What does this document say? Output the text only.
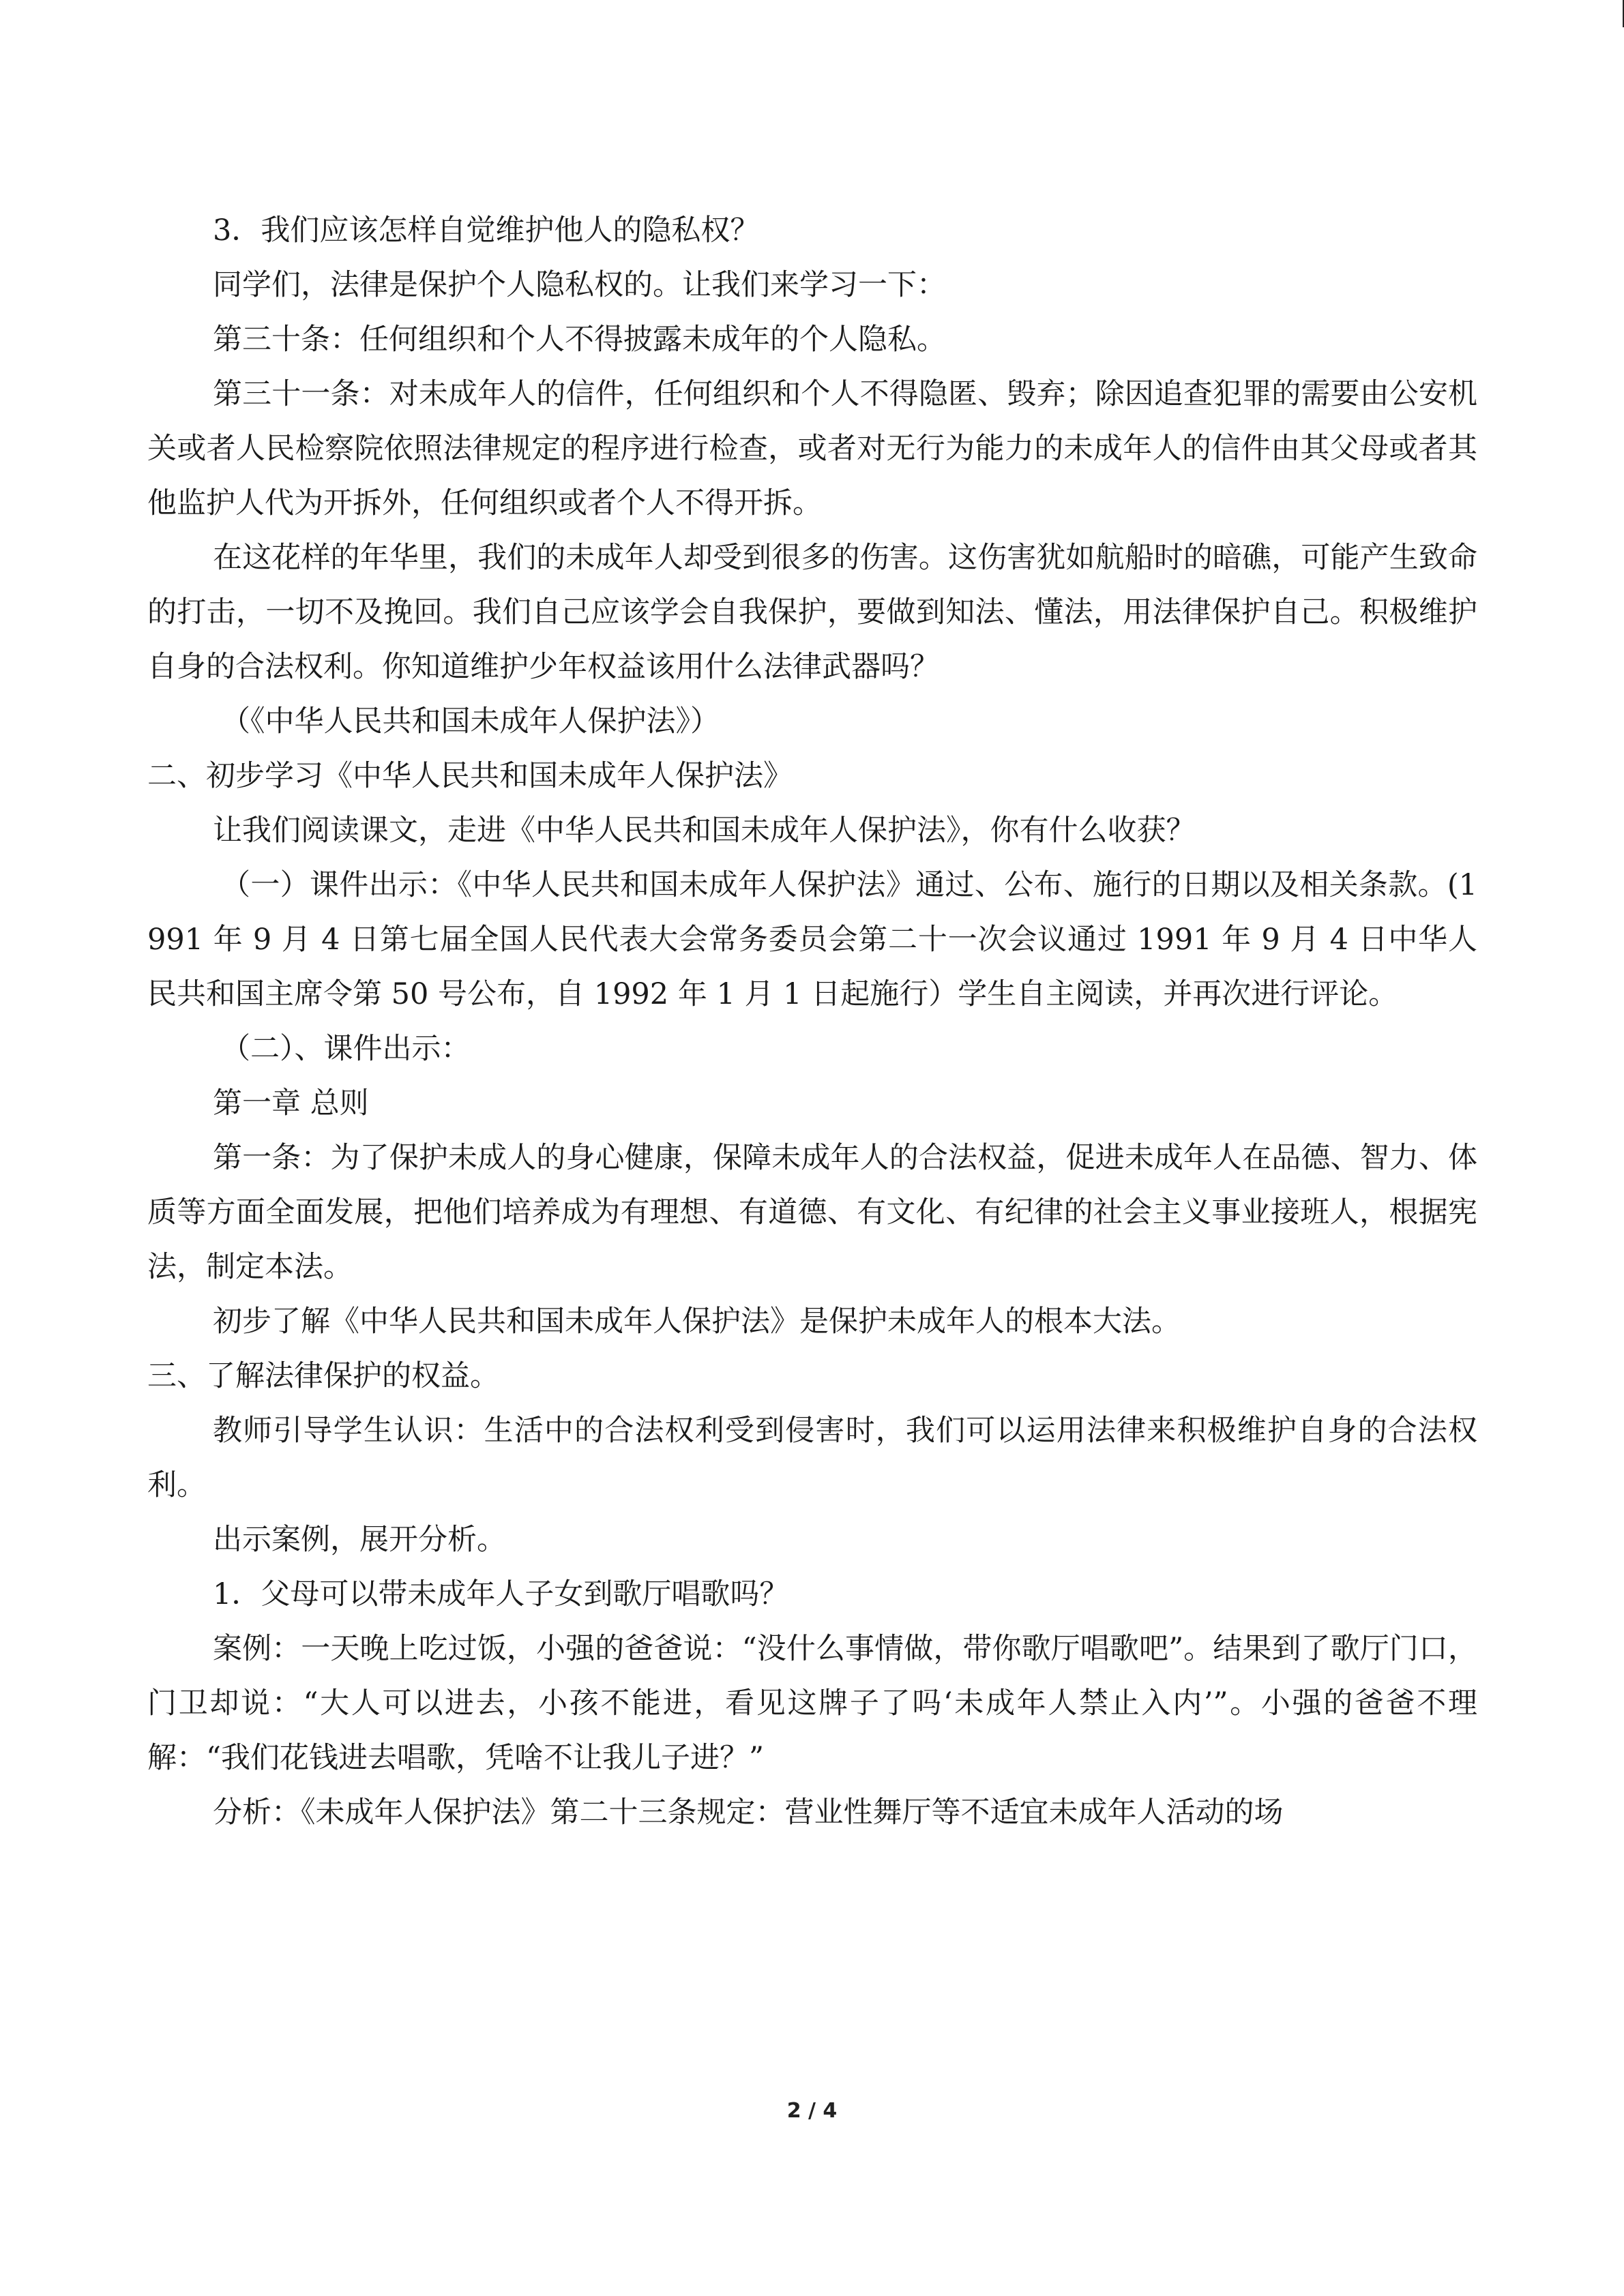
3．我们应该怎样自觉维护他人的隐私权？

同学们，法律是保护个人隐私权的。让我们来学习一下：

第三十条：任何组织和个人不得披露未成年的个人隐私。

第三十一条：对未成年人的信件，任何组织和个人不得隐匿、毁弃；除因追查犯罪的需要由公安机关或者人民检察院依照法律规定的程序进行检查，或者对无行为能力的未成年人的信件由其父母或者其他监护人代为开拆外，任何组织或者个人不得开拆。

在这花样的年华里，我们的未成年人却受到很多的伤害。这伤害犹如航船时的暗礁，可能产生致命的打击，一切不及挽回。我们自己应该学会自我保护，要做到知法、懂法，用法律保护自己。积极维护自身的合法权利。你知道维护少年权益该用什么法律武器吗？

（《中华人民共和国未成年人保护法》）

二、初步学习《中华人民共和国未成年人保护法》

让我们阅读课文，走进《中华人民共和国未成年人保护法》，你有什么收获？

（一）课件出示：《中华人民共和国未成年人保护法》通过、公布、施行的日期以及相关条款。(1991 年 9 月 4 日第七届全国人民代表大会常务委员会第二十一次会议通过 1991 年 9 月 4 日中华人民共和国主席令第 50 号公布，自 1992 年 1 月 1 日起施行）学生自主阅读，并再次进行评论。

（二）、课件出示：

第一章 总则

第一条：为了保护未成人的身心健康，保障未成年人的合法权益，促进未成年人在品德、智力、体质等方面全面发展，把他们培养成为有理想、有道德、有文化、有纪律的社会主义事业接班人，根据宪法，制定本法。

初步了解《中华人民共和国未成年人保护法》是保护未成年人的根本大法。

三、了解法律保护的权益。

教师引导学生认识：生活中的合法权利受到侵害时，我们可以运用法律来积极维护自身的合法权利。

出示案例，展开分析。

1．父母可以带未成年人子女到歌厅唱歌吗？

案例：一天晚上吃过饭，小强的爸爸说：“没什么事情做，带你歌厅唱歌吧”。结果到了歌厅门口，门卫却说：“大人可以进去，小孩不能进，看见这牌子了吗‘未成年人禁止入内’”。小强的爸爸不理解：“我们花钱进去唱歌，凭啥不让我儿子进？”

分析：《未成年人保护法》第二十三条规定：营业性舞厅等不适宜未成年人活动的场

2 / 4
